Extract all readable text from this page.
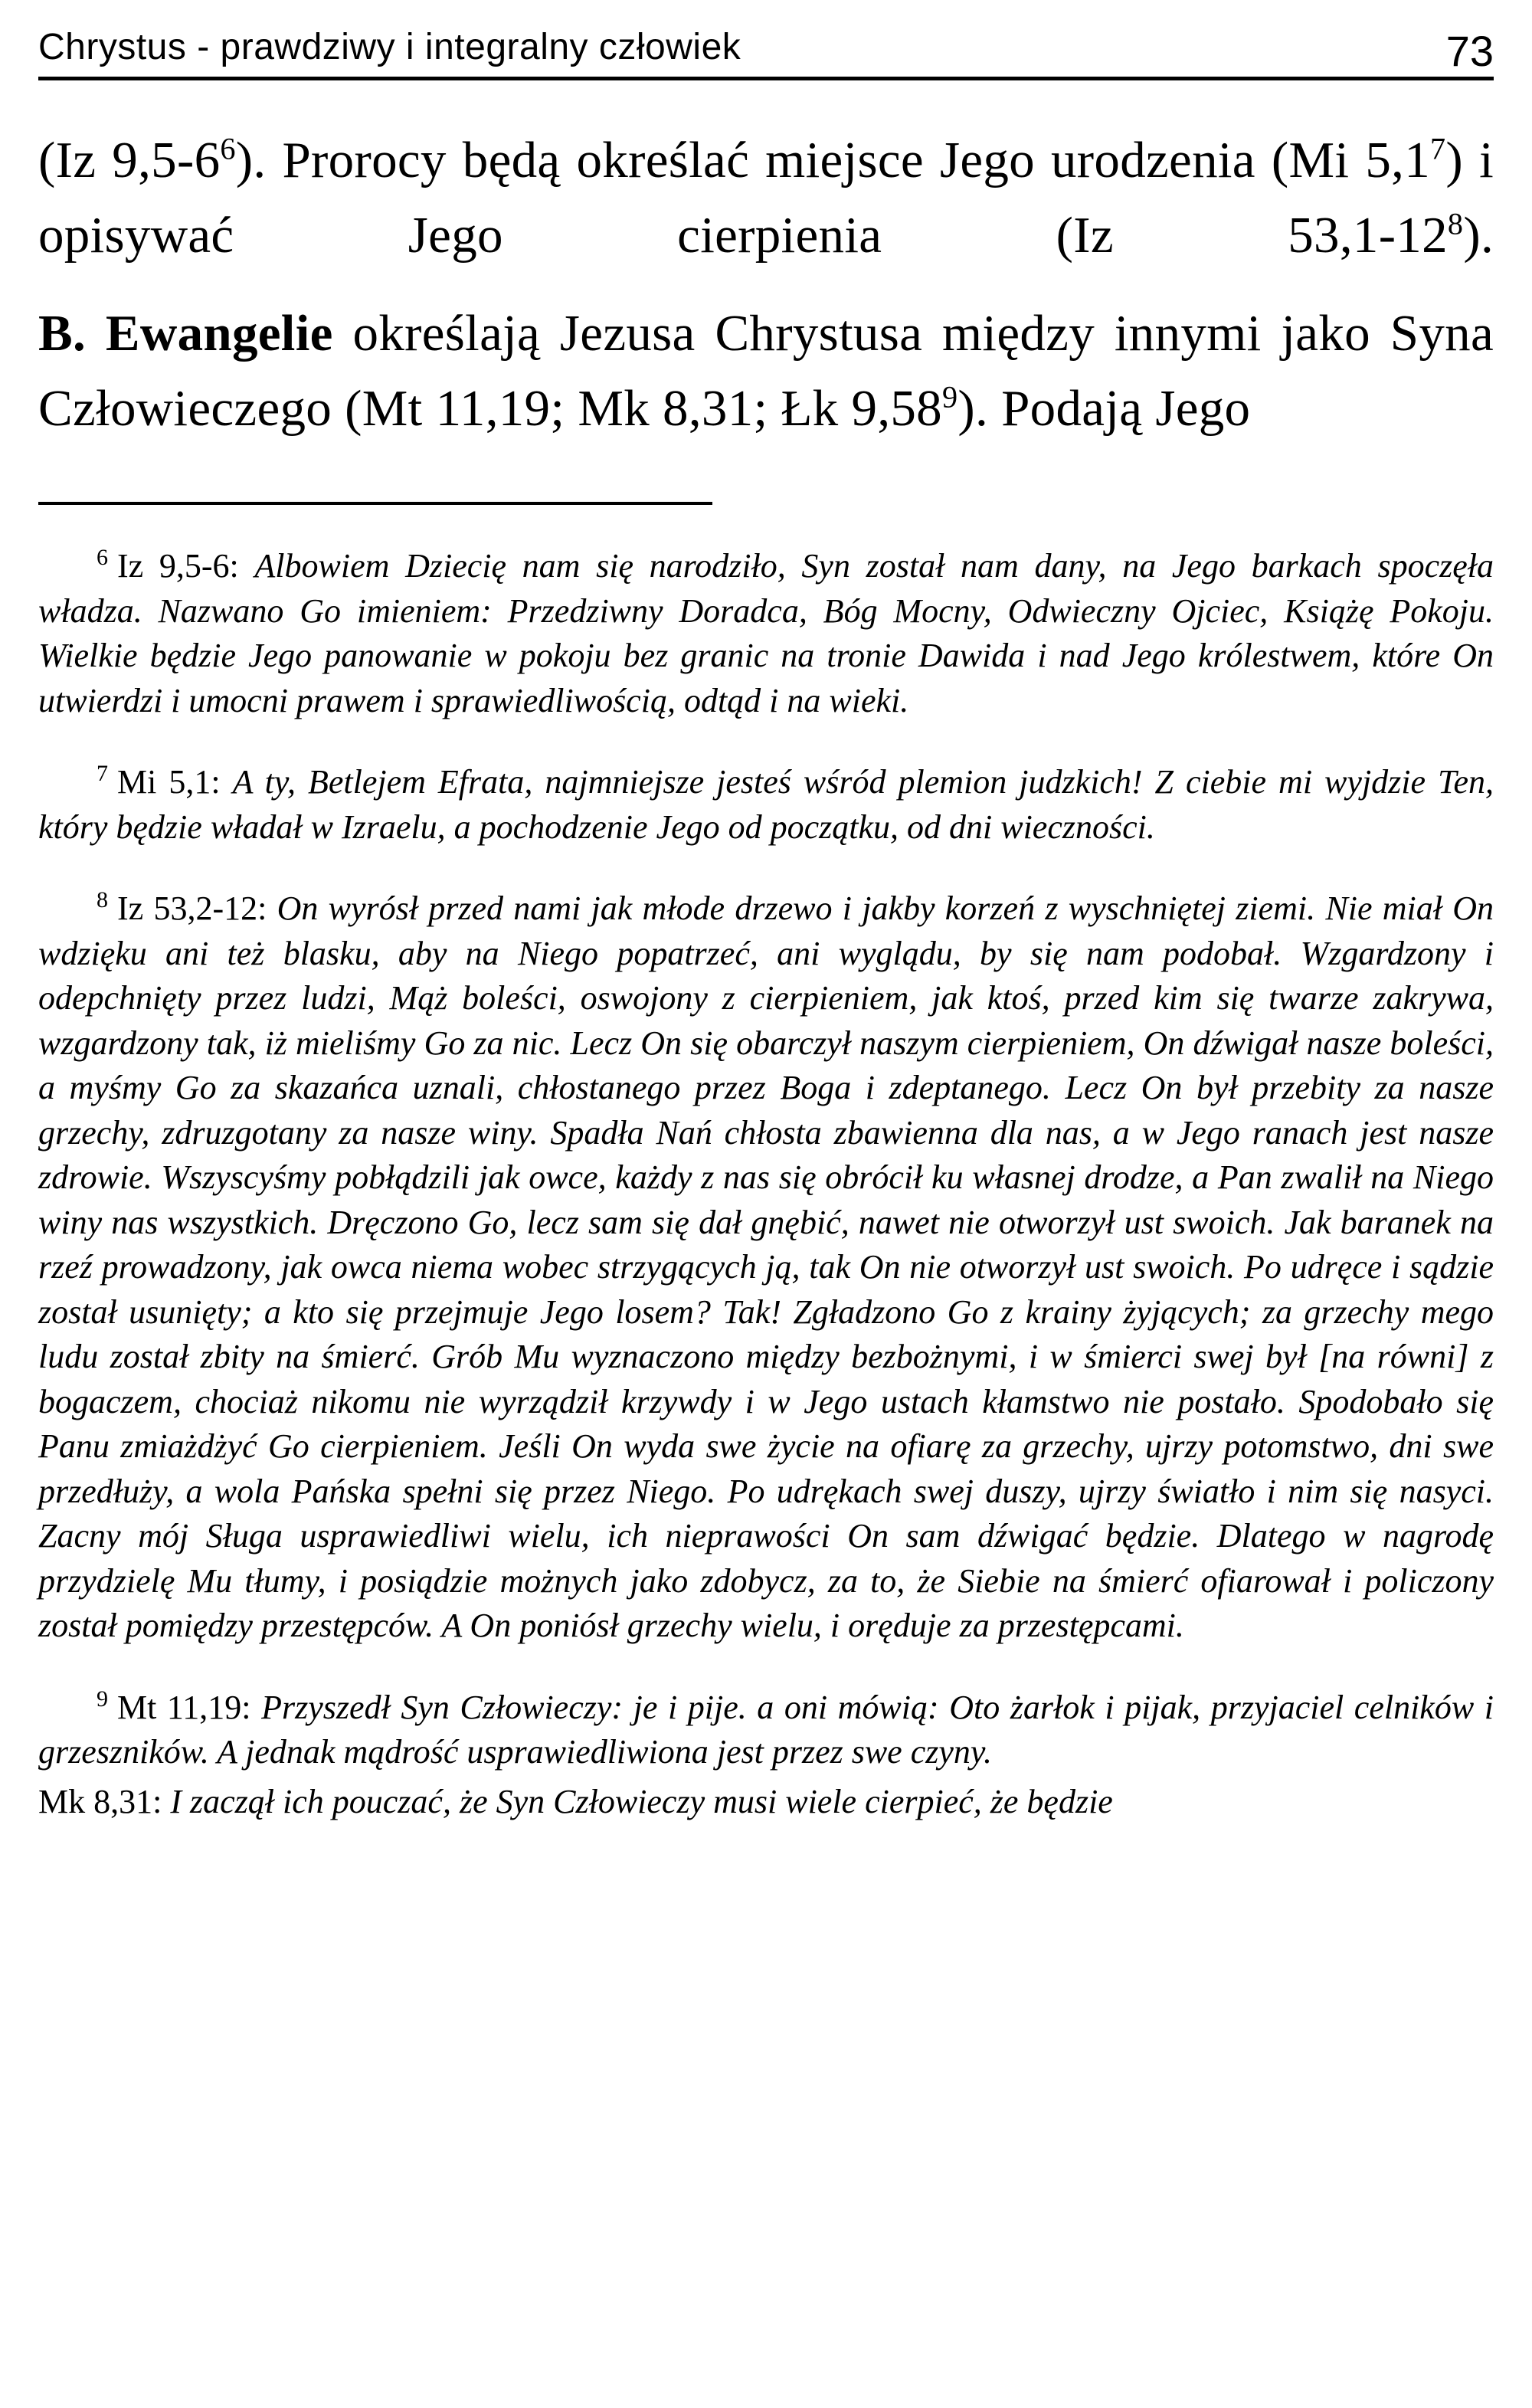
Chrystus - prawdziwy i integralny człowiek	73

(Iz $9,5-6^6$). Prorocy będą określać miejsce Jego urodzenia (Mi $5,1^7$) i opisywać Jego cierpienia (Iz $53,1-12^8$).

B. Ewangelie określają Jezusa Chrystusa między innymi jako Syna Człowieczego (Mt 11,19; Mk 8,31; Łk 9,58$^9$). Podają Jego

$^6$ Iz 9,5-6: Albowiem Dziecię nam się narodziło, Syn został nam dany, na Jego barkach spoczęła władza. Nazwano Go imieniem: Przedziwny Doradca, Bóg Mocny, Odwieczny Ojciec, Książę Pokoju. Wielkie będzie Jego panowanie w pokoju bez granic na tronie Dawida i nad Jego królestwem, które On utwierdzi i umocni prawem i sprawiedliwością, odtąd i na wieki.

$^7$ Mi 5,1: A ty, Betlejem Efrata, najmniejsze jesteś wśród plemion judzkich! Z ciebie mi wyjdzie Ten, który będzie władał w Izraelu, a pochodzenie Jego od początku, od dni wieczności.

$^8$ Iz 53,2-12: On wyrósł przed nami jak młode drzewo i jakby korzeń z wyschniętej ziemi. Nie miał On wdzięku ani też blasku, aby na Niego popatrzeć, ani wyglądu, by się nam podobał. Wzgardzony i odepchnięty przez ludzi, Mąż boleści, oswojony z cierpieniem, jak ktoś, przed kim się twarze zakrywa, wzgardzony tak, iż mieliśmy Go za nic. Lecz On się obarczył naszym cierpieniem, On dźwigał nasze boleści, a myśmy Go za skazańca uznali, chłostanego przez Boga i zdeptanego. Lecz On był przebity za nasze grzechy, zdruzgotany za nasze winy. Spadła Nań chłosta zbawienna dla nas, a w Jego ranach jest nasze zdrowie. Wszyscyśmy pobłądzili jak owce, każdy z nas się obrócił ku własnej drodze, a Pan zwalił na Niego winy nas wszystkich. Dręczono Go, lecz sam się dał gnębić, nawet nie otworzył ust swoich. Jak baranek na rzeź prowadzony, jak owca niema wobec strzygących ją, tak On nie otworzył ust swoich. Po udręce i sądzie został usunięty; a kto się przejmuje Jego losem? Tak! Zgładzono Go z krainy żyjących; za grzechy mego ludu został zbity na śmierć. Grób Mu wyznaczono między bezbożnymi, i w śmierci swej był [na równi] z bogaczem, chociaż nikomu nie wyrządził krzywdy i w Jego ustach kłamstwo nie postało. Spodobało się Panu zmiażdżyć Go cierpieniem. Jeśli On wyda swe życie na ofiarę za grzechy, ujrzy potomstwo, dni swe przedłuży, a wola Pańska spełni się przez Niego. Po udrękach swej duszy, ujrzy światło i nim się nasyci. Zacny mój Sługa usprawiedliwi wielu, ich nieprawości On sam dźwigać będzie. Dlatego w nagrodę przydzielę Mu tłumy, i posiądzie możnych jako zdobycz, za to, że Siebie na śmierć ofiarował i policzony został pomiędzy przestępców. A On poniósł grzechy wielu, i oręduje za przestępcami.

$^9$ Mt 11,19: Przyszedł Syn Człowieczy: je i pije. a oni mówią: Oto żarłok i pijak, przyjaciel celników i grzeszników. A jednak mądrość usprawiedliwiona jest przez swe czyny.

Mk 8,31: I zaczął ich pouczać, że Syn Człowieczy musi wiele cierpieć, że będzie
